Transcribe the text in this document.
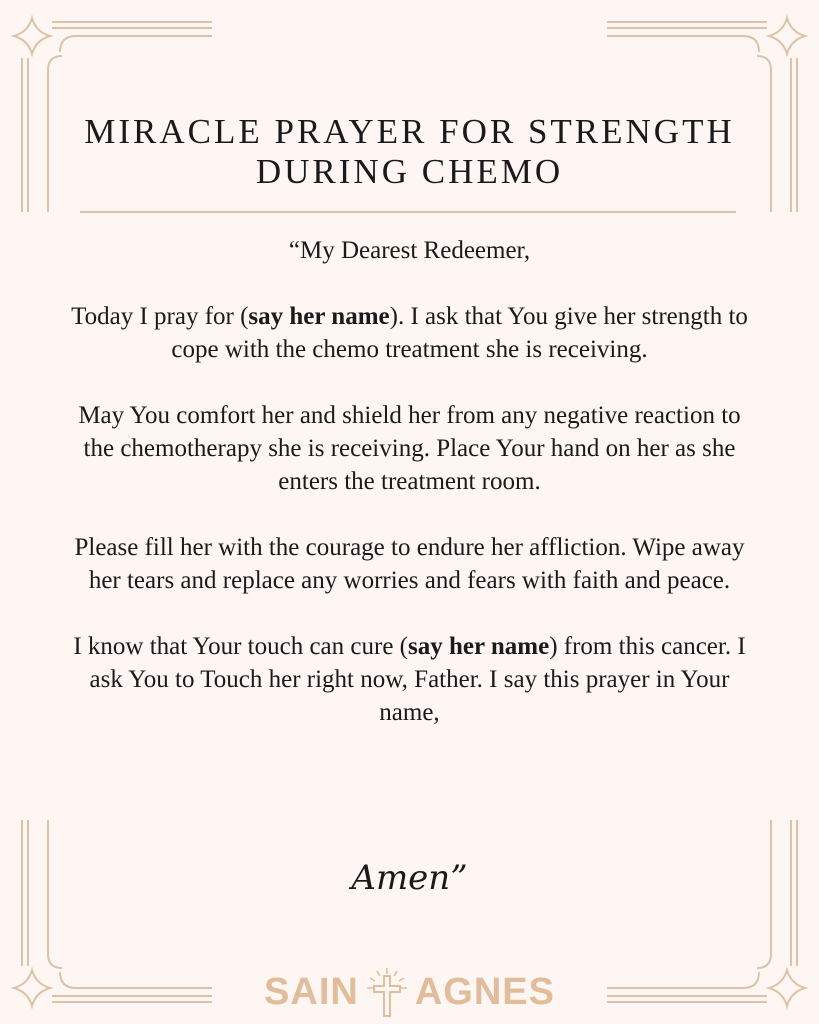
MIRACLE PRAYER FOR STRENGTH
DURING CHEMO

“My Dearest Redeemer,

Today I pray for (say her name). I ask that You give her strength to cope with the chemo treatment she is receiving.

May You comfort her and shield her from any negative reaction to the chemotherapy she is receiving. Place Your hand on her as she enters the treatment room.

Please fill her with the courage to endure her affliction. Wipe away her tears and replace any worries and fears with faith and peace.

I know that Your touch can cure (say her name) from this cancer. I ask You to Touch her right now, Father. I say this prayer in Your name,

Amen”
SAIN AGNES
